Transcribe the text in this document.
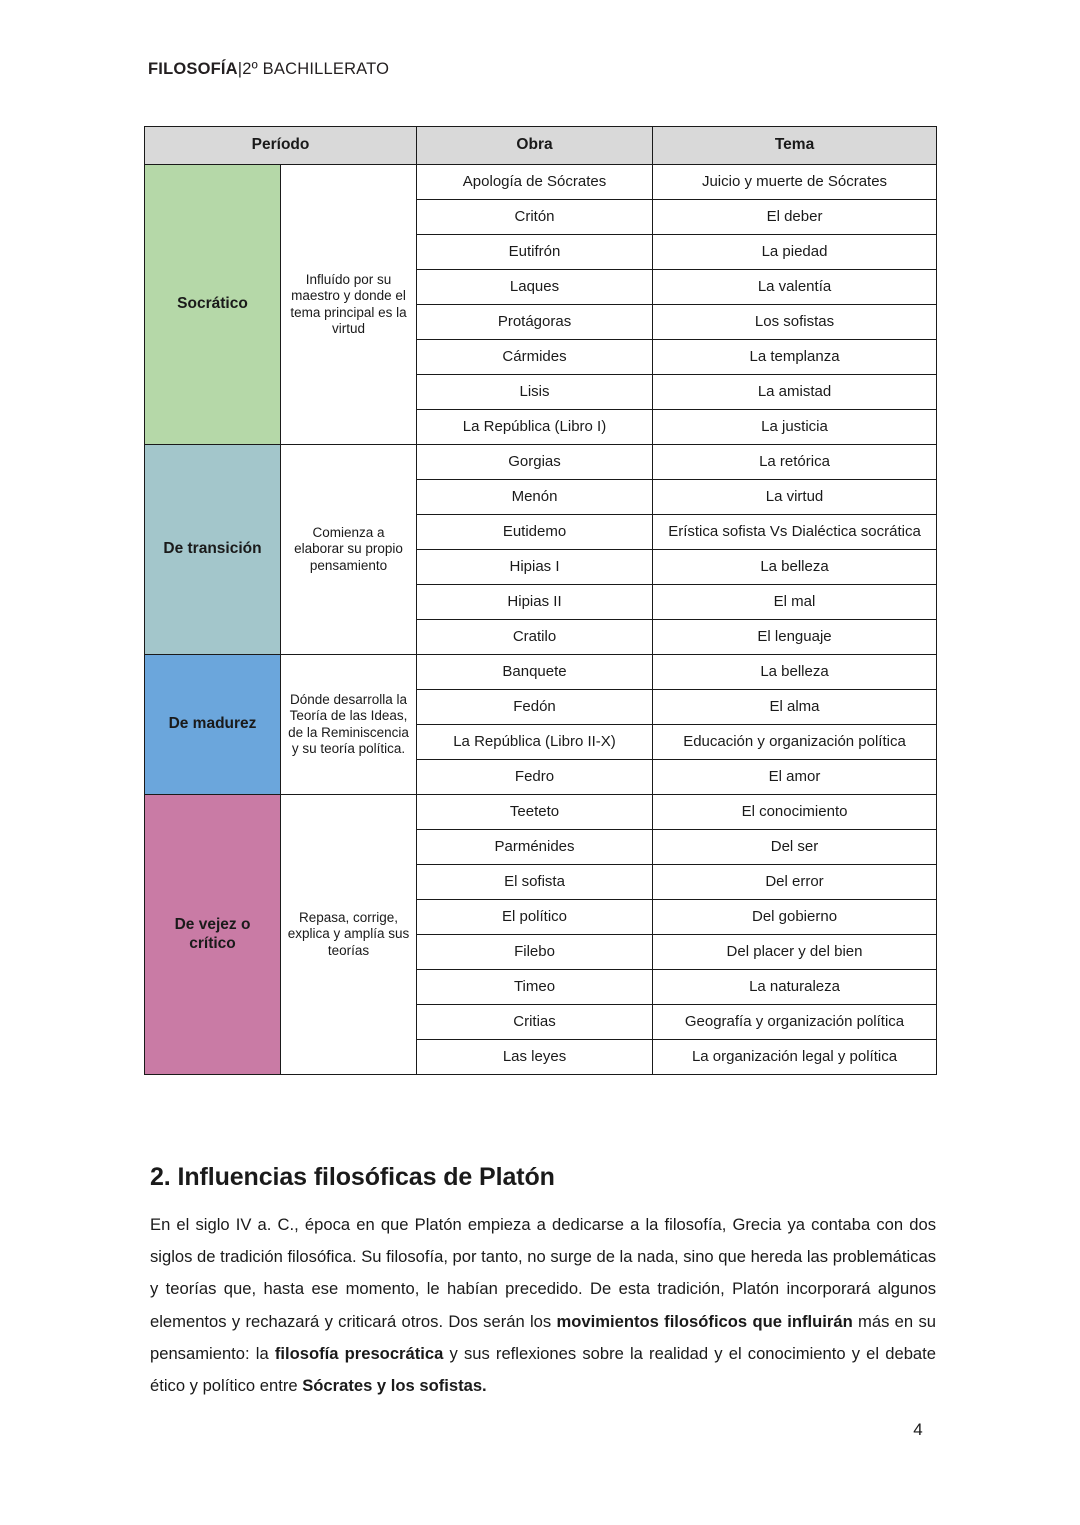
FILOSOFÍA|2º BACHILLERATO
Período		Obra	Tema
Socrático	Influído por su maestro y donde el tema principal es la virtud	Apología de Sócrates	Juicio y muerte de Sócrates
		Critón	El deber
		Eutifrón	La piedad
		Laques	La valentía
		Protágoras	Los sofistas
		Cármides	La templanza
		Lisis	La amistad
		La República (Libro I)	La justicia
De transición	Comienza a elaborar su propio pensamiento	Gorgias	La retórica
		Menón	La virtud
		Eutidemo	Erística sofista Vs Dialéctica socrática
		Hipias I	La belleza
		Hipias II	El mal
		Cratilo	El lenguaje
De madurez	Dónde desarrolla la Teoría de las Ideas, de la Reminiscencia y su teoría política.	Banquete	La belleza
		Fedón	El alma
		La República (Libro II-X)	Educación y organización política
		Fedro	El amor
De vejez o crítico	Repasa, corrige, explica y amplía sus teorías	Teeteto	El conocimiento
		Parménides	Del ser
		El sofista	Del error
		El político	Del gobierno
		Filebo	Del placer y del bien
		Timeo	La naturaleza
		Critias	Geografía y organización política
		Las leyes	La organización legal y política
2. Influencias filosóficas de Platón

En el siglo IV a. C., época en que Platón empieza a dedicarse a la filosofía, Grecia ya contaba con dos siglos de tradición filosófica. Su filosofía, por tanto, no surge de la nada, sino que hereda las problemáticas y teorías que, hasta ese momento, le habían precedido. De esta tradición, Platón incorporará algunos elementos y rechazará y criticará otros. Dos serán los movimientos filosóficos que influirán más en su pensamiento: la filosofía presocrática y sus reflexiones sobre la realidad y el conocimiento y el debate ético y político entre Sócrates y los sofistas.

4
